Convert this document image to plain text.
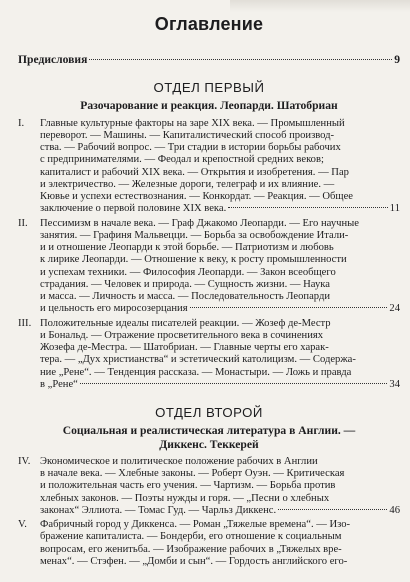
Оглавление
Предисловия	9
ОТДЕЛ ПЕРВЫЙ
Разочарование и реакция. Леопарди. Шатобриан
I.	Главные культурные факторы на заре XIX века. — Промышленный
переворот. — Машины. — Капиталистический способ производ-
ства. — Рабочий вопрос. — Три стадии в истории борьбы рабочих
с предпринимателями. — Феодал и крепостной средних веков;
капиталист и рабочий XIX века. — Открытия и изобретения. — Пар
и электричество. — Железные дороги, телеграф и их влияние. —
Кювье и успехи естествознания. — Конкордат. — Реакция. — Общее
заключение о первой половине XIX века.	11
II.	Пессимизм в начале века. — Граф Джакомо Леопарди. — Его научные
занятия. — Графиня Мальвецци. — Борьба за освобождение Итали-
и и отношение Леопарди к этой борьбе. — Патриотизм и любовь
к лирике Леопарди. — Отношение к веку, к росту промышленности
и успехам техники. — Философия Леопарди. — Закон всеобщего
страдания. — Человек и природа. — Сущность жизни. — Наука
и масса. — Личность и масса. — Последовательность Леопарди
и цельность его миросозерцания	24
III. Положительные идеалы писателей реакции. — Жозеф де-Местр
и Бональд. — Отражение просветительного века в сочинениях
Жозефа де-Местра. — Шатобриан. — Главные черты его харак-
тера. — „Дух христианства“ и эстетический католицизм. — Содержа-
ние „Рене“. — Тенденция рассказа. — Монастыри. — Ложь и правда
в „Рене“	34
ОТДЕЛ ВТОРОЙ
Социальная и реалистическая литература в Англии. —
Диккенс. Теккерей
IV. Экономическое и политическое положение рабочих в Англии
в начале века. — Хлебные законы. — Роберт Оуэн. — Критическая
и положительная часть его учения. — Чартизм. — Борьба против
хлебных законов. — Поэты нужды и горя. — „Песни о хлебных
законах“ Эллиота. — Томас Гуд. — Чарльз Диккенс.	46
V.	Фабричный город у Диккенса. — Роман „Тяжелые времена“. — Изо-
бражение капиталиста. — Бондерби, его отношение к социальным
вопросам, его женитьба. — Изображение рабочих в „Тяжелых вре-
менах“. — Стэфен. — „Домби и сын“. — Гордость английского его-
